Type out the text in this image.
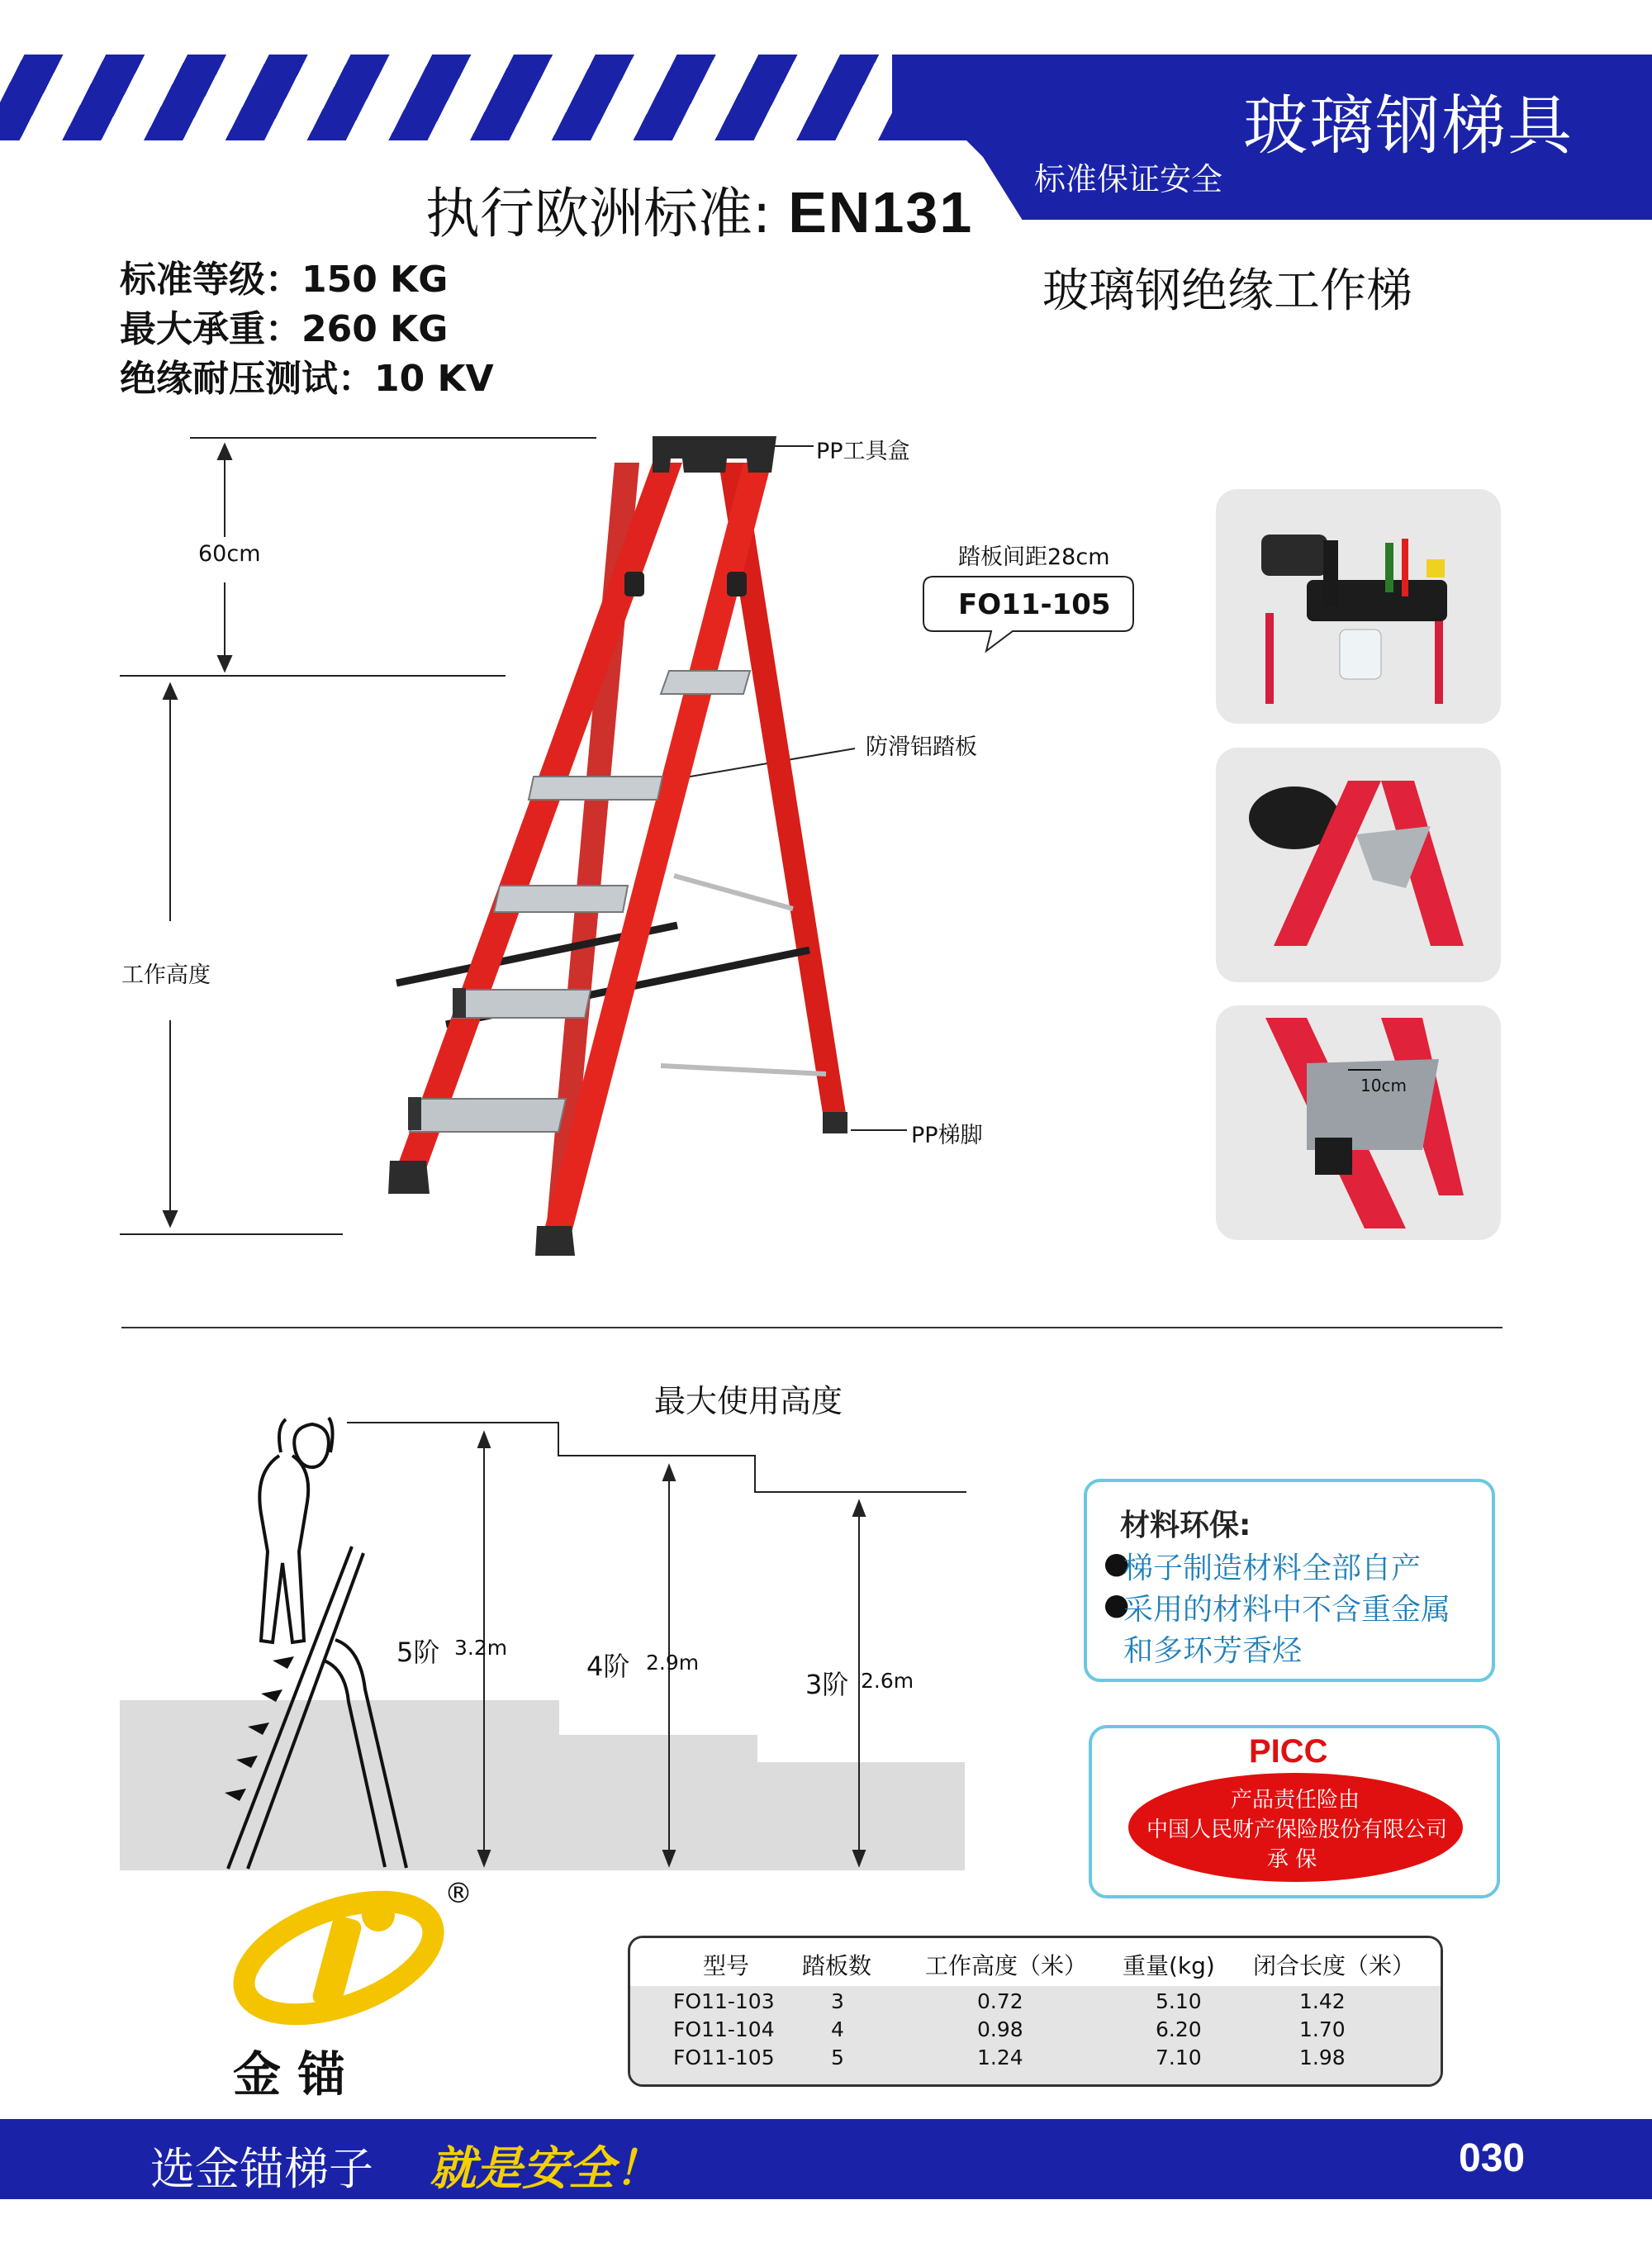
玻璃钢梯具
标准保证安全
执行欧洲标准: EN131
标准等级：150 KG
最大承重：260 KG
绝缘耐压测试：10 KV
玻璃钢绝缘工作梯
60cm
工作高度
PP工具盒
防滑铝踏板
PP梯脚
踏板间距28cm
FO11-105
10cm
最大使用高度
5阶 3.2m
4阶 2.9m
3阶 2.6m
材料环保:
●
梯子制造材料全部自产
●
采用的材料中不含重金属
和多环芳香烃
PICC
产品责任险由
中国人民财产保险股份有限公司
承 保
®
金 锚
型号 踏板数 工作高度（米） 重量(kg) 闭合长度（米）
FO11-103	3	0.72	5.10	1.42
FO11-104	4	0.98	6.20	1.70
FO11-105	5	1.24	7.10	1.98
选金锚梯子 就是安全！	030
